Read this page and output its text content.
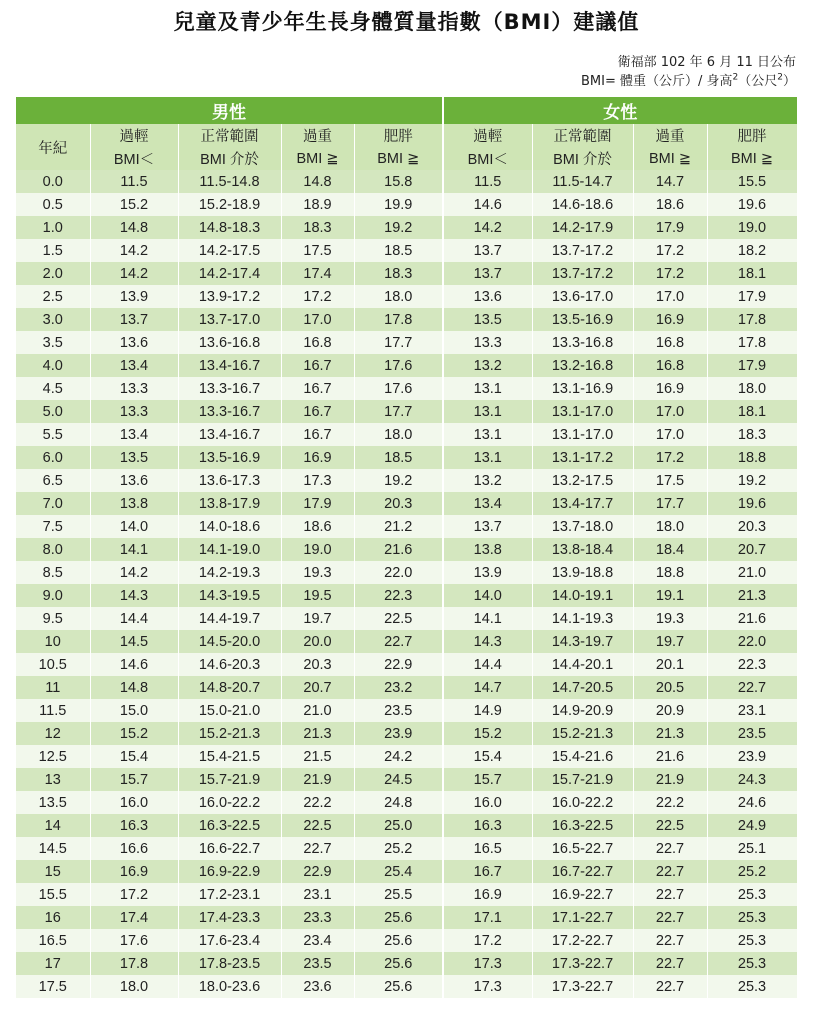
兒童及青少年生長身體質量指數（BMI）建議值
衛福部 102 年 6 月 11 日公布
BMI= 體重（公斤）/ 身高$^2$（公尺$^2$）
男性					女性			
年紀	過輕	正常範圍	過重	肥胖	過輕	正常範圍	過重	肥胖
	BMI＜	BMI 介於	BMI ≧	BMI ≧	BMI＜	BMI 介於	BMI ≧	BMI ≧
0.0	11.5	11.5-14.8	14.8	15.8	11.5	11.5-14.7	14.7	15.5
0.5	15.2	15.2-18.9	18.9	19.9	14.6	14.6-18.6	18.6	19.6
1.0	14.8	14.8-18.3	18.3	19.2	14.2	14.2-17.9	17.9	19.0
1.5	14.2	14.2-17.5	17.5	18.5	13.7	13.7-17.2	17.2	18.2
2.0	14.2	14.2-17.4	17.4	18.3	13.7	13.7-17.2	17.2	18.1
2.5	13.9	13.9-17.2	17.2	18.0	13.6	13.6-17.0	17.0	17.9
3.0	13.7	13.7-17.0	17.0	17.8	13.5	13.5-16.9	16.9	17.8
3.5	13.6	13.6-16.8	16.8	17.7	13.3	13.3-16.8	16.8	17.8
4.0	13.4	13.4-16.7	16.7	17.6	13.2	13.2-16.8	16.8	17.9
4.5	13.3	13.3-16.7	16.7	17.6	13.1	13.1-16.9	16.9	18.0
5.0	13.3	13.3-16.7	16.7	17.7	13.1	13.1-17.0	17.0	18.1
5.5	13.4	13.4-16.7	16.7	18.0	13.1	13.1-17.0	17.0	18.3
6.0	13.5	13.5-16.9	16.9	18.5	13.1	13.1-17.2	17.2	18.8
6.5	13.6	13.6-17.3	17.3	19.2	13.2	13.2-17.5	17.5	19.2
7.0	13.8	13.8-17.9	17.9	20.3	13.4	13.4-17.7	17.7	19.6
7.5	14.0	14.0-18.6	18.6	21.2	13.7	13.7-18.0	18.0	20.3
8.0	14.1	14.1-19.0	19.0	21.6	13.8	13.8-18.4	18.4	20.7
8.5	14.2	14.2-19.3	19.3	22.0	13.9	13.9-18.8	18.8	21.0
9.0	14.3	14.3-19.5	19.5	22.3	14.0	14.0-19.1	19.1	21.3
9.5	14.4	14.4-19.7	19.7	22.5	14.1	14.1-19.3	19.3	21.6
10	14.5	14.5-20.0	20.0	22.7	14.3	14.3-19.7	19.7	22.0
10.5	14.6	14.6-20.3	20.3	22.9	14.4	14.4-20.1	20.1	22.3
11	14.8	14.8-20.7	20.7	23.2	14.7	14.7-20.5	20.5	22.7
11.5	15.0	15.0-21.0	21.0	23.5	14.9	14.9-20.9	20.9	23.1
12	15.2	15.2-21.3	21.3	23.9	15.2	15.2-21.3	21.3	23.5
12.5	15.4	15.4-21.5	21.5	24.2	15.4	15.4-21.6	21.6	23.9
13	15.7	15.7-21.9	21.9	24.5	15.7	15.7-21.9	21.9	24.3
13.5	16.0	16.0-22.2	22.2	24.8	16.0	16.0-22.2	22.2	24.6
14	16.3	16.3-22.5	22.5	25.0	16.3	16.3-22.5	22.5	24.9
14.5	16.6	16.6-22.7	22.7	25.2	16.5	16.5-22.7	22.7	25.1
15	16.9	16.9-22.9	22.9	25.4	16.7	16.7-22.7	22.7	25.2
15.5	17.2	17.2-23.1	23.1	25.5	16.9	16.9-22.7	22.7	25.3
16	17.4	17.4-23.3	23.3	25.6	17.1	17.1-22.7	22.7	25.3
16.5	17.6	17.6-23.4	23.4	25.6	17.2	17.2-22.7	22.7	25.3
17	17.8	17.8-23.5	23.5	25.6	17.3	17.3-22.7	22.7	25.3
17.5	18.0	18.0-23.6	23.6	25.6	17.3	17.3-22.7	22.7	25.3
